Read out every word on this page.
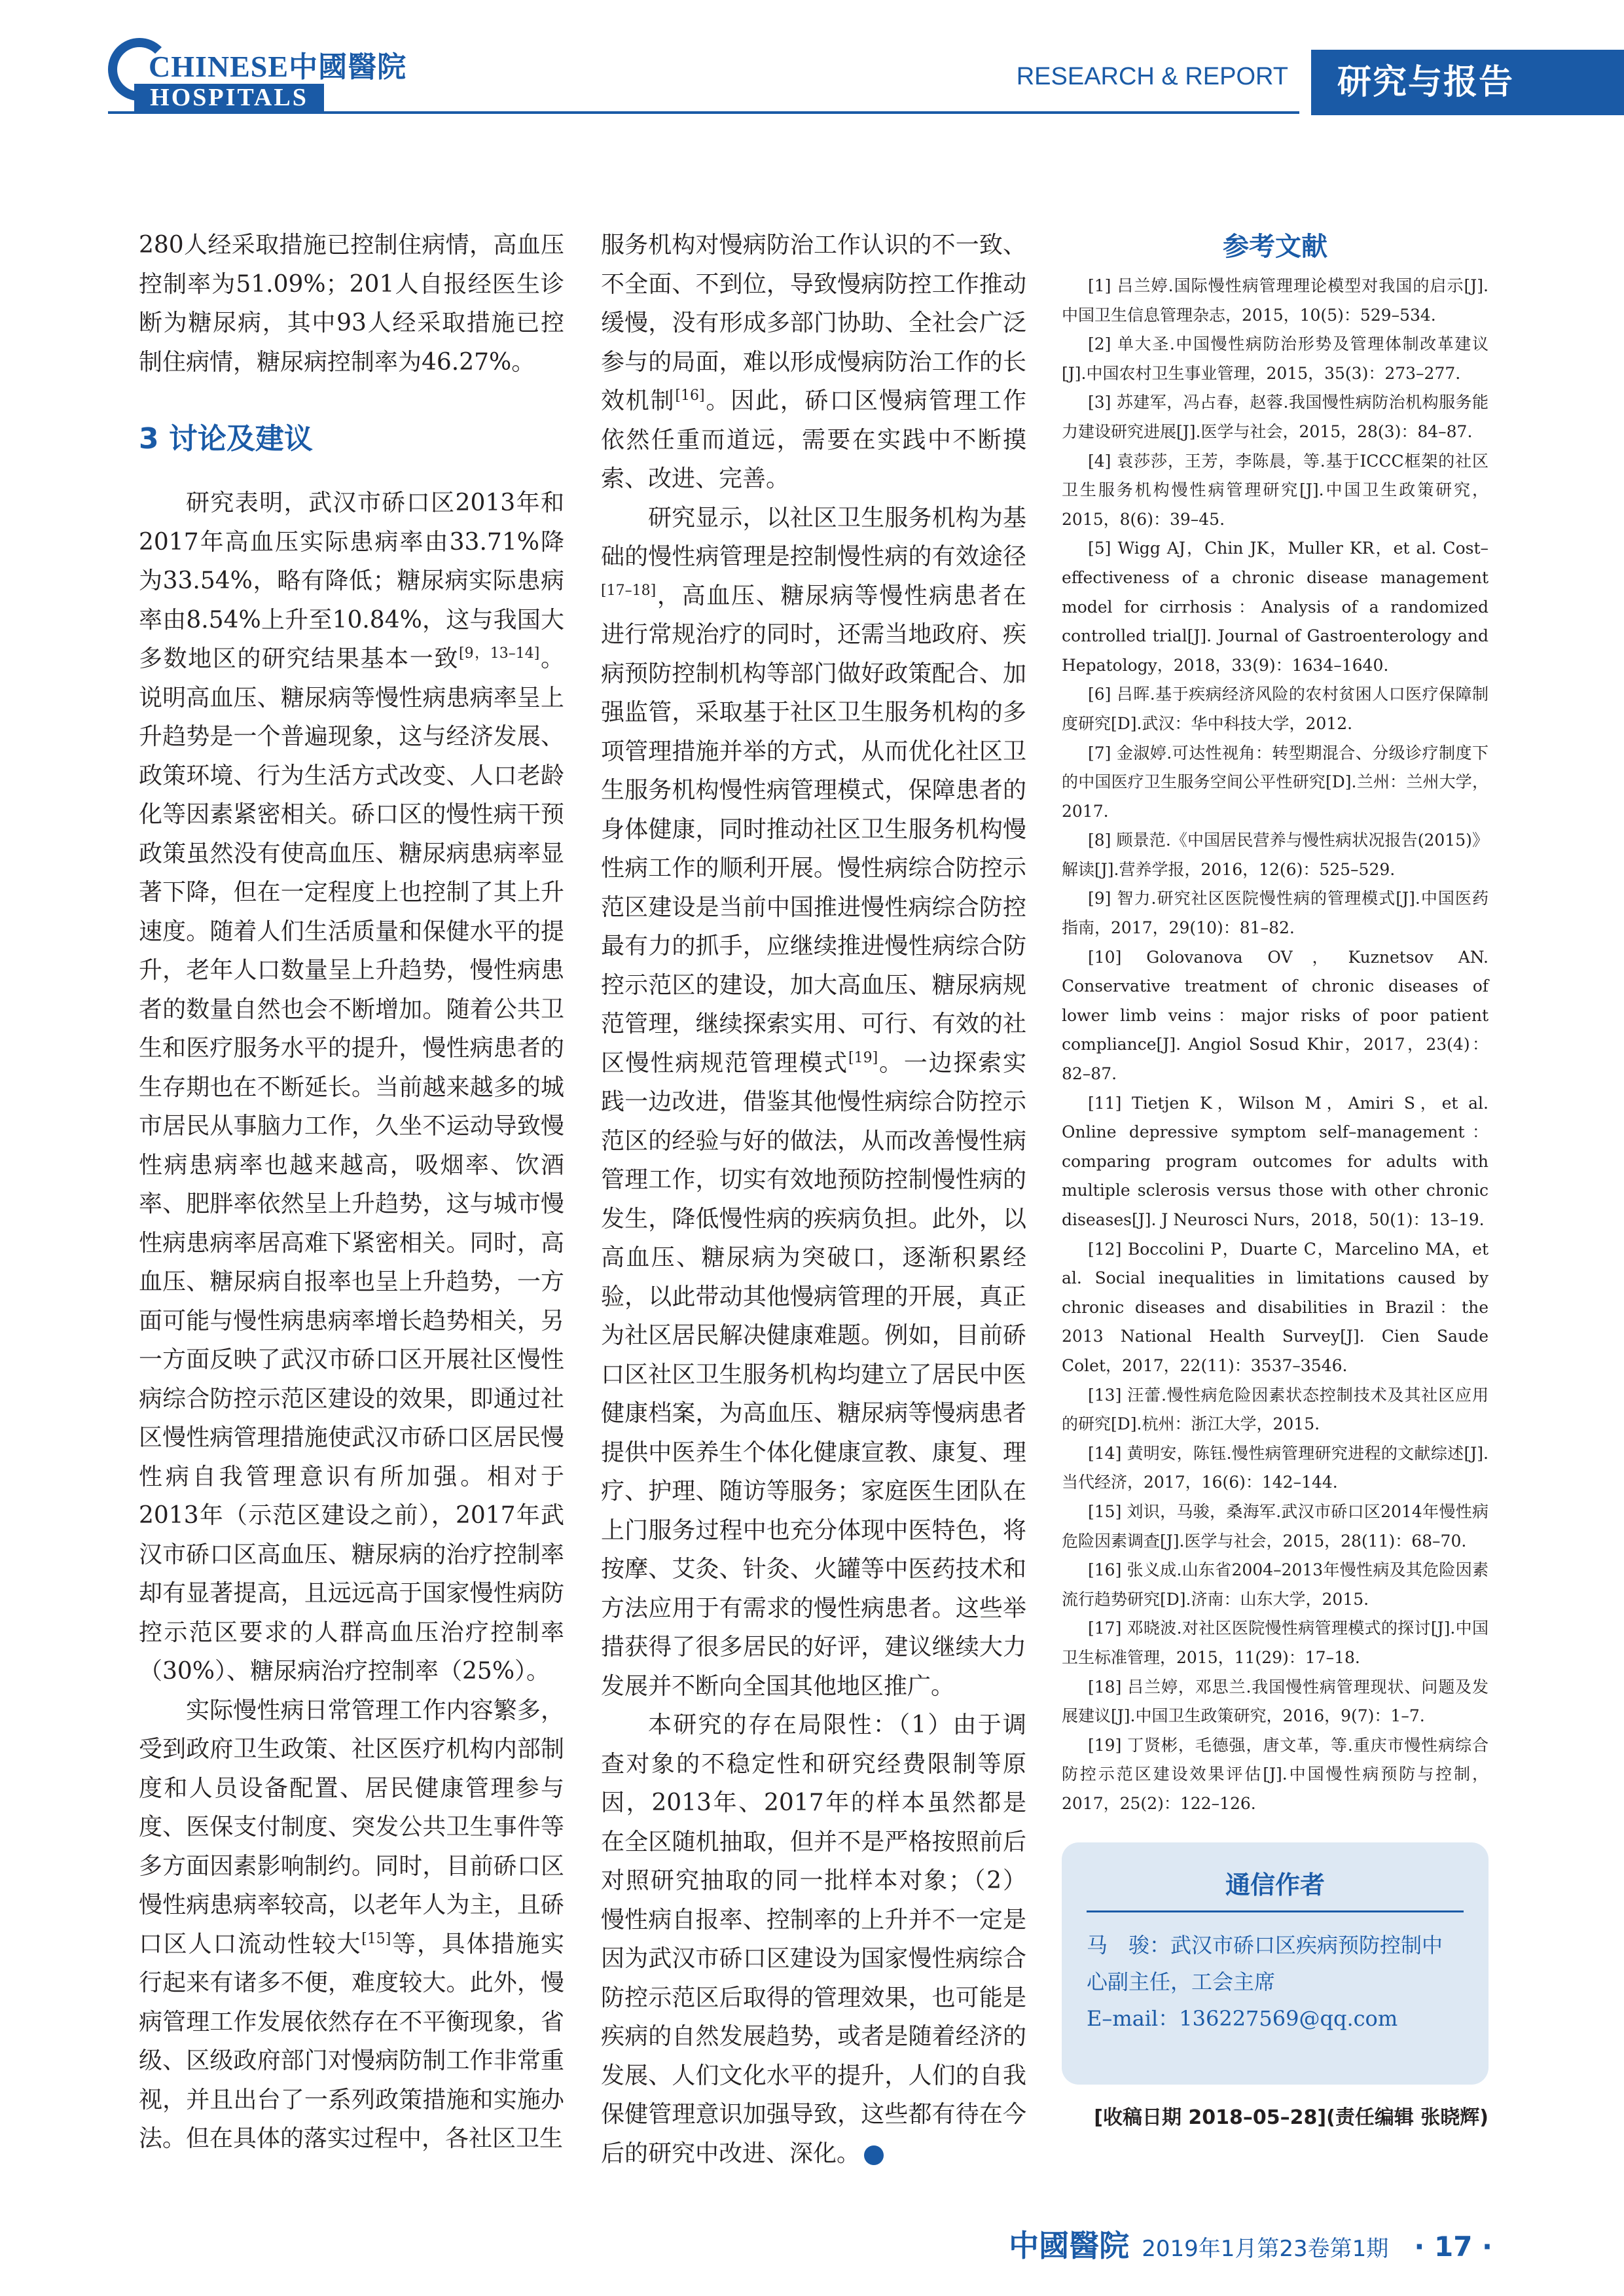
CHINESE中國醫院
HOSPITALS
RESEARCH & REPORT	研究与报告

280人经采取措施已控制住病情，高血压控制率为51.09%；201人自报经医生诊断为糖尿病，其中93人经采取措施已控制住病情，糖尿病控制率为46.27%。

3 讨论及建议

研究表明，武汉市硚口区2013年和2017年高血压实际患病率由33.71%降为33.54%，略有降低；糖尿病实际患病率由8.54%上升至10.84%，这与我国大多数地区的研究结果基本一致[9，13–14]。说明高血压、糖尿病等慢性病患病率呈上升趋势是一个普遍现象，这与经济发展、政策环境、行为生活方式改变、人口老龄化等因素紧密相关。硚口区的慢性病干预政策虽然没有使高血压、糖尿病患病率显著下降，但在一定程度上也控制了其上升速度。随着人们生活质量和保健水平的提升，老年人口数量呈上升趋势，慢性病患者的数量自然也会不断增加。随着公共卫生和医疗服务水平的提升，慢性病患者的生存期也在不断延长。当前越来越多的城市居民从事脑力工作，久坐不运动导致慢性病患病率也越来越高，吸烟率、饮酒率、肥胖率依然呈上升趋势，这与城市慢性病患病率居高难下紧密相关。同时，高血压、糖尿病自报率也呈上升趋势，一方面可能与慢性病患病率增长趋势相关，另一方面反映了武汉市硚口区开展社区慢性病综合防控示范区建设的效果，即通过社区慢性病管理措施使武汉市硚口区居民慢性病自我管理意识有所加强。相对于2013年（示范区建设之前），2017年武汉市硚口区高血压、糖尿病的治疗控制率却有显著提高，且远远高于国家慢性病防控示范区要求的人群高血压治疗控制率（30%）、糖尿病治疗控制率（25%）。

实际慢性病日常管理工作内容繁多，受到政府卫生政策、社区医疗机构内部制度和人员设备配置、居民健康管理参与度、医保支付制度、突发公共卫生事件等多方面因素影响制约。同时，目前硚口区慢性病患病率较高，以老年人为主，且硚口区人口流动性较大[15]等，具体措施实行起来有诸多不便，难度较大。此外，慢病管理工作发展依然存在不平衡现象，省级、区级政府部门对慢病防制工作非常重视，并且出台了一系列政策措施和实施办法。但在具体的落实过程中，各社区卫生

服务机构对慢病防治工作认识的不一致、不全面、不到位，导致慢病防控工作推动缓慢，没有形成多部门协助、全社会广泛参与的局面，难以形成慢病防治工作的长效机制[16]。因此，硚口区慢病管理工作依然任重而道远，需要在实践中不断摸索、改进、完善。

研究显示，以社区卫生服务机构为基础的慢性病管理是控制慢性病的有效途径[17–18]，高血压、糖尿病等慢性病患者在进行常规治疗的同时，还需当地政府、疾病预防控制机构等部门做好政策配合、加强监管，采取基于社区卫生服务机构的多项管理措施并举的方式，从而优化社区卫生服务机构慢性病管理模式，保障患者的身体健康，同时推动社区卫生服务机构慢性病工作的顺利开展。慢性病综合防控示范区建设是当前中国推进慢性病综合防控最有力的抓手，应继续推进慢性病综合防控示范区的建设，加大高血压、糖尿病规范管理，继续探索实用、可行、有效的社区慢性病规范管理模式[19]。一边探索实践一边改进，借鉴其他慢性病综合防控示范区的经验与好的做法，从而改善慢性病管理工作，切实有效地预防控制慢性病的发生，降低慢性病的疾病负担。此外，以高血压、糖尿病为突破口，逐渐积累经验，以此带动其他慢病管理的开展，真正为社区居民解决健康难题。例如，目前硚口区社区卫生服务机构均建立了居民中医健康档案，为高血压、糖尿病等慢病患者提供中医养生个体化健康宣教、康复、理疗、护理、随访等服务；家庭医生团队在上门服务过程中也充分体现中医特色，将按摩、艾灸、针灸、火罐等中医药技术和方法应用于有需求的慢性病患者。这些举措获得了很多居民的好评，建议继续大力发展并不断向全国其他地区推广。

本研究的存在局限性：（1）由于调查对象的不稳定性和研究经费限制等原因，2013年、2017年的样本虽然都是在全区随机抽取，但并不是严格按照前后对照研究抽取的同一批样本对象；（2）慢性病自报率、控制率的上升并不一定是因为武汉市硚口区建设为国家慢性病综合防控示范区后取得的管理效果，也可能是疾病的自然发展趋势，或者是随着经济的发展、人们文化水平的提升，人们的自我保健管理意识加强导致，这些都有待在今后的研究中改进、深化。

参考文献

[1] 吕兰婷.国际慢性病管理理论模型对我国的启示[J].中国卫生信息管理杂志，2015，10(5)：529–534.

[2] 单大圣.中国慢性病防治形势及管理体制改革建议[J].中国农村卫生事业管理，2015，35(3)：273–277.

[3] 苏建军，冯占春，赵蓉.我国慢性病防治机构服务能力建设研究进展[J].医学与社会，2015，28(3)：84–87.

[4] 袁莎莎，王芳，李陈晨，等.基于ICCC框架的社区卫生服务机构慢性病管理研究[J].中国卫生政策研究，2015，8(6)：39–45.

[5] Wigg AJ，Chin JK，Muller KR，et al. Cost–effectiveness of a chronic disease management model for cirrhosis：Analysis of a randomized controlled trial[J]. Journal of Gastroenterology and Hepatology，2018，33(9)：1634–1640.

[6] 吕晖.基于疾病经济风险的农村贫困人口医疗保障制度研究[D].武汉：华中科技大学，2012.

[7] 金淑婷.可达性视角：转型期混合、分级诊疗制度下的中国医疗卫生服务空间公平性研究[D].兰州：兰州大学，2017.

[8] 顾景范.《中国居民营养与慢性病状况报告(2015)》解读[J].营养学报，2016，12(6)：525–529.

[9] 智力.研究社区医院慢性病的管理模式[J].中国医药指南，2017，29(10)：81–82.

[10] Golovanova OV，Kuznetsov AN. Conservative treatment of chronic diseases of lower limb veins：major risks of poor patient compliance[J]. Angiol Sosud Khir，2017，23(4)：82–87.

[11] Tietjen K，Wilson M，Amiri S，et al. Online depressive symptom self–management：comparing program outcomes for adults with multiple sclerosis versus those with other chronic diseases[J]. J Neurosci Nurs，2018，50(1)：13–19.

[12] Boccolini P，Duarte C，Marcelino MA，et al. Social inequalities in limitations caused by chronic diseases and disabilities in Brazil：the 2013 National Health Survey[J]. Cien Saude Colet，2017，22(11)：3537–3546.

[13] 汪蕾.慢性病危险因素状态控制技术及其社区应用的研究[D].杭州：浙江大学，2015.

[14] 黄明安，陈钰.慢性病管理研究进程的文献综述[J].当代经济，2017，16(6)：142–144.

[15] 刘识，马骏，桑海军.武汉市硚口区2014年慢性病危险因素调查[J].医学与社会，2015，28(11)：68–70.

[16] 张义成.山东省2004–2013年慢性病及其危险因素流行趋势研究[D].济南：山东大学，2015.

[17] 邓晓波.对社区医院慢性病管理模式的探讨[J].中国卫生标准管理，2015，11(29)：17–18.

[18] 吕兰婷，邓思兰.我国慢性病管理现状、问题及发展建议[J].中国卫生政策研究，2016，9(7)：1–7.

[19] 丁贤彬，毛德强，唐文革，等.重庆市慢性病综合防控示范区建设效果评估[J].中国慢性病预防与控制，2017，25(2)：122–126.

通信作者

马　骏：武汉市硚口区疾病预防控制中

心副主任，工会主席

E–mail：136227569@qq.com

[收稿日期 2018–05–28](责任编辑 张晓辉)
中國醫院 2019年1月第23卷第1期 · 17 ·
